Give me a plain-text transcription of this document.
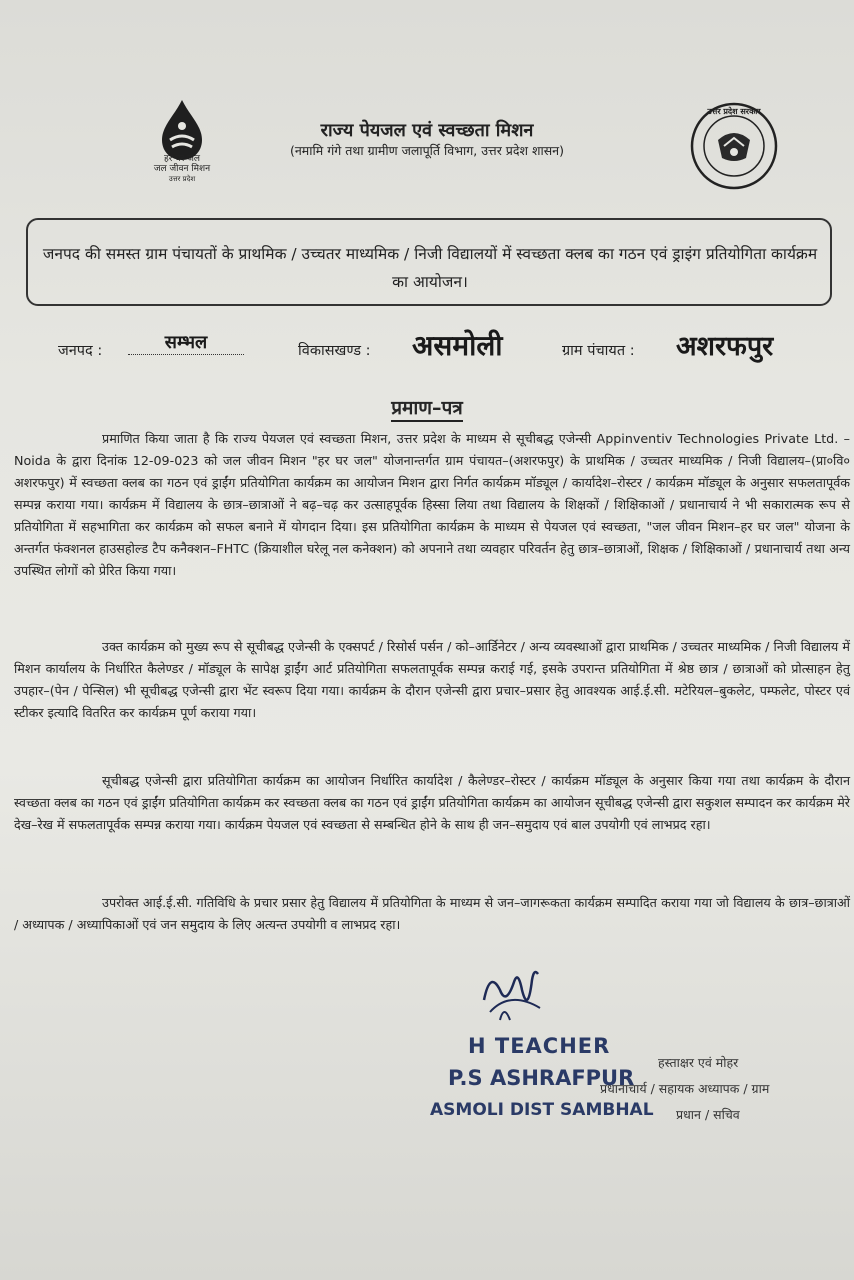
हर घर जल
जल जीवन मिशन
उत्तर प्रदेश
राज्य पेयजल एवं स्वच्छता मिशन
(नमामि गंगे तथा ग्रामीण जलापूर्ति विभाग, उत्तर प्रदेश शासन)
उत्तर प्रदेश सरकार
जनपद की समस्त ग्राम पंचायतों के प्राथमिक / उच्चतर माध्यमिक / निजी विद्यालयों में स्वच्छता क्लब का गठन एवं ड्राइंग प्रतियोगिता कार्यक्रम का आयोजन।
जनपद :	सम्भल	विकासखण्ड : असमोली	ग्राम पंचायत : अशरफपुर
प्रमाण–पत्र

प्रमाणित किया जाता है कि राज्य पेयजल एवं स्वच्छता मिशन, उत्तर प्रदेश के माध्यम से सूचीबद्ध एजेन्सी Appinventiv Technologies Private Ltd. – Noida के द्वारा दिनांक 12-09-023 को जल जीवन मिशन "हर घर जल" योजनान्तर्गत ग्राम पंचायत–(अशरफपुर) के प्राथमिक / उच्चतर माध्यमिक / निजी विद्यालय–(प्रा०वि० अशरफपुर) में स्वच्छता क्लब का गठन एवं ड्राईंग प्रतियोगिता कार्यक्रम का आयोजन मिशन द्वारा निर्गत कार्यक्रम मॉड्यूल / कार्यादेश–रोस्टर / कार्यक्रम मॉड्यूल के अनुसार सफलतापूर्वक सम्पन्न कराया गया। कार्यक्रम में विद्यालय के छात्र–छात्राओं ने बढ़–चढ़ कर उत्साहपूर्वक हिस्सा लिया तथा विद्यालय के शिक्षकों / शिक्षिकाओं / प्रधानाचार्य ने भी सकारात्मक रूप से प्रतियोगिता में सहभागिता कर कार्यक्रम को सफल बनाने में योगदान दिया। इस प्रतियोगिता कार्यक्रम के माध्यम से पेयजल एवं स्वच्छता, "जल जीवन मिशन–हर घर जल" योजना के अन्तर्गत फंक्शनल हाउसहोल्ड टैप कनैक्शन–FHTC (क्रियाशील घरेलू नल कनेक्शन) को अपनाने तथा व्यवहार परिवर्तन हेतु छात्र–छात्राओं, शिक्षक / शिक्षिकाओं / प्रधानाचार्य तथा अन्य उपस्थित लोगों को प्रेरित किया गया।

उक्त कार्यक्रम को मुख्य रूप से सूचीबद्ध एजेन्सी के एक्सपर्ट / रिसोर्स पर्सन / को–आर्डिनेटर / अन्य व्यवस्थाओं द्वारा प्राथमिक / उच्चतर माध्यमिक / निजी विद्यालय में मिशन कार्यालय के निर्धारित कैलेण्डर / मॉड्यूल के सापेक्ष ड्राईंग आर्ट प्रतियोगिता सफलतापूर्वक सम्पन्न कराई गई, इसके उपरान्त प्रतियोगिता में श्रेष्ठ छात्र / छात्राओं को प्रोत्साहन हेतु उपहार–(पेन / पेन्सिल) भी सूचीबद्ध एजेन्सी द्वारा भेंट स्वरूप दिया गया। कार्यक्रम के दौरान एजेन्सी द्वारा प्रचार–प्रसार हेतु आवश्यक आई.ई.सी. मटेरियल–बुकलेट, पम्फलेट, पोस्टर एवं स्टीकर इत्यादि वितरित कर कार्यक्रम पूर्ण कराया गया।

सूचीबद्ध एजेन्सी द्वारा प्रतियोगिता कार्यक्रम का आयोजन निर्धारित कार्यादेश / कैलेण्डर–रोस्टर / कार्यक्रम मॉड्यूल के अनुसार किया गया तथा कार्यक्रम के दौरान स्वच्छता क्लब का गठन एवं ड्राईंग प्रतियोगिता कार्यक्रम कर स्वच्छता क्लब का गठन एवं ड्राईंग प्रतियोगिता कार्यक्रम का आयोजन सूचीबद्ध एजेन्सी द्वारा सकुशल सम्पादन कर कार्यक्रम मेरे देख–रेख में सफलतापूर्वक सम्पन्न कराया गया। कार्यक्रम पेयजल एवं स्वच्छता से सम्बन्धित होने के साथ ही जन–समुदाय एवं बाल उपयोगी एवं लाभप्रद रहा।

उपरोक्त आई.ई.सी. गतिविधि के प्रचार प्रसार हेतु विद्यालय में प्रतियोगिता के माध्यम से जन–जागरूकता कार्यक्रम सम्पादित कराया गया जो विद्यालय के छात्र–छात्राओं / अध्यापक / अध्यापिकाओं एवं जन समुदाय के लिए अत्यन्त उपयोगी व लाभप्रद रहा।

H TEACHER
P.S ASHRAFPUR
ASMOLI DIST SAMBHAL
हस्ताक्षर एवं मोहर
प्रधानाचार्य / सहायक अध्यापक / ग्राम
प्रधान / सचिव
